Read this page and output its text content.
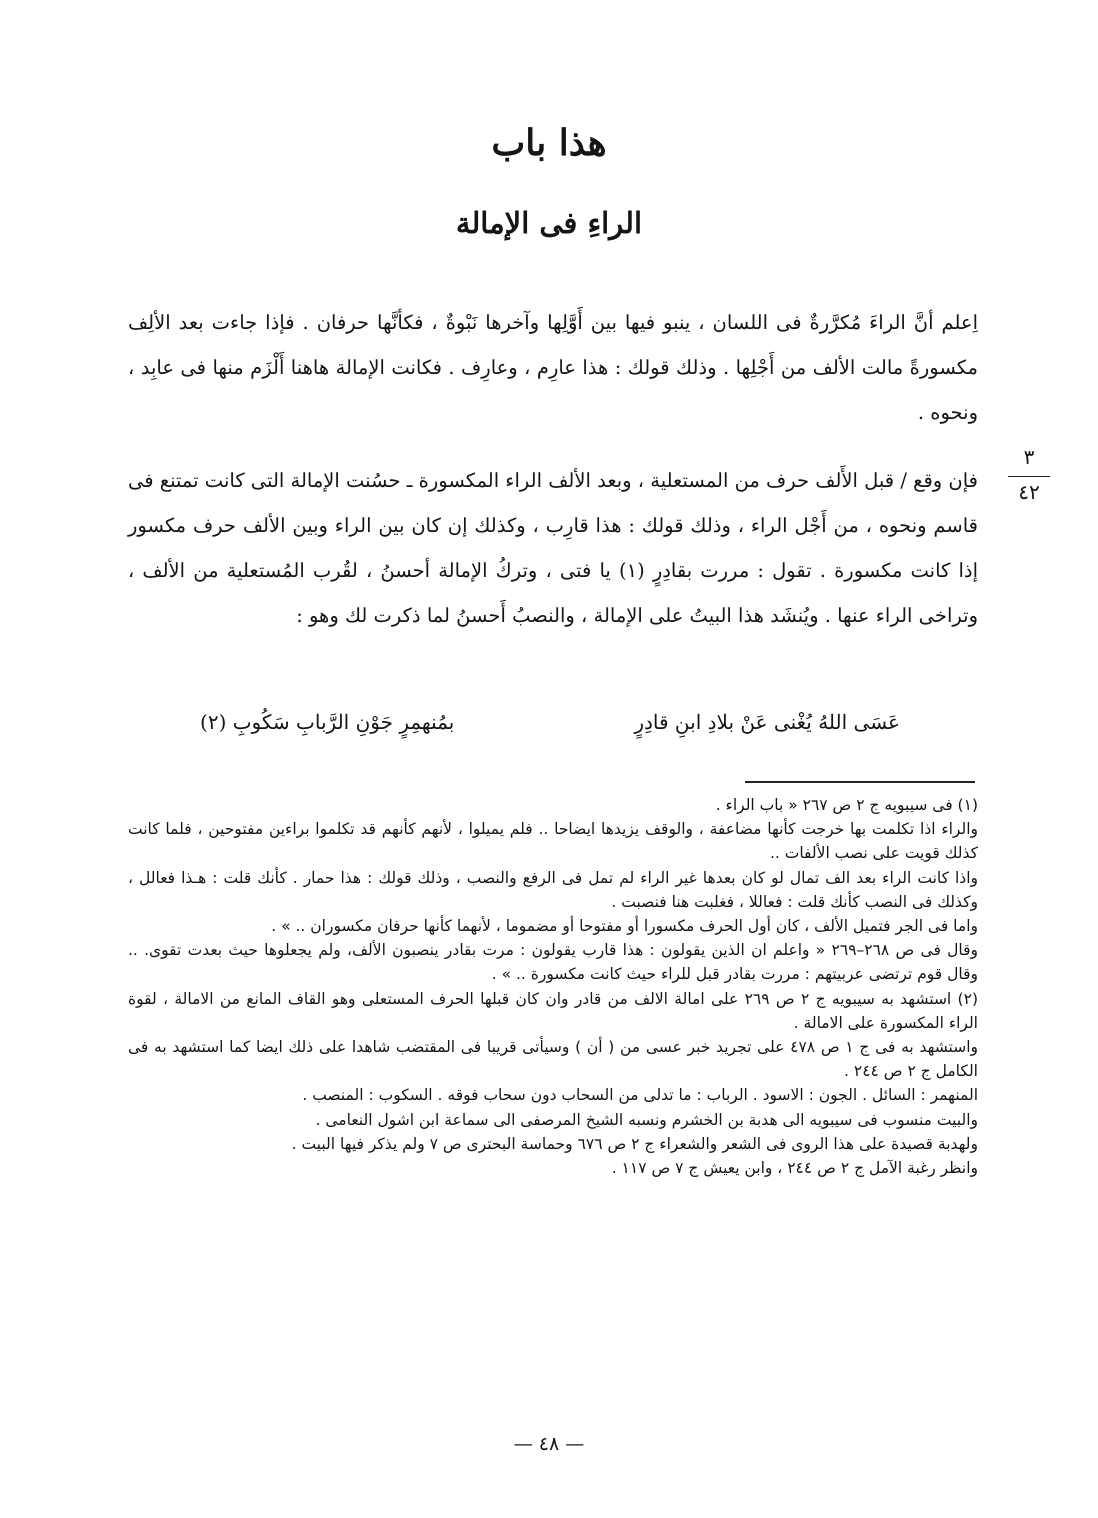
هذا باب
الراءِ فی الإمالة

اِعلم أنَّ الراءَ مُكرَّرةٌ فی اللسان ، ينبو فيها بين أَوَّلِها وآخرها نَبْوةٌ ، فكأنَّها حرفان . فإذا جاءت بعد الألِف مكسورةً مالت الألف من أَجْلِها . وذلك قولك : هذا عارِم ، وعارِف . فكانت الإمالة هاهنا أَلْزَم منها فی عابِد ، ونحوه .

فإن وقع / قبل الأَلف حرف من المستعلية ، وبعد الألف الراء المكسورة ـ حسُنت الإمالة التى كانت تمتنع فی قاسم ونحوه ، من أَجْل الراء ، وذلك قولك : هذا قارِب ، وكذلك إن كان بين الراء وبين الألف حرف مكسور إذا كانت مكسورة . تقول : مررت بقادِرٍ (١) يا فتى ، وتركُ الإمالة أحسنُ ، لقُرب المُستعلية من الألف ، وتراخی الراء عنها . ويُنشَد هذا البيتُ على الإمالة ، والنصبُ أَحسنُ لما ذكرت لك وهو :

٣
٤٢
عَسَى اللهُ يُغْنى عَنْ بلادِ ابنِ قادِرٍ
بمُنهمِرٍ جَوْنِ الرَّبابِ سَكُوبِ (٢)

(١) فی سيبويه ج ٢ ص ٢٦٧ « باب الراء .

والراء اذا تكلمت بها خرجت كأنها مضاعفة ، والوقف يزيدها ايضاحا .. فلم يميلوا ، لأنهم كأنهم قد تكلموا براءين مفتوحين ، فلما كانت كذلك قويت على نصب الألفات ..

واذا كانت الراء بعد الف تمال لو كان بعدها غير الراء لم تمل فی الرفع والنصب ، وذلك قولك : هذا حمار . كأنك قلت : هـذا فعالل ، وكذلك فی النصب كأنك قلت : فعاللا ، فغلبت هنا فنصبت .

واما فی الجر فتميل الألف ، كان أول الحرف مكسورا أو مفتوحا أو مضموما ، لأنهما كأنها حرفان مكسوران .. » .

وقال فی ص ٢٦٨–٢٦٩ « واعلم ان الذين يقولون : هذا قارب يقولون : مرت بقادر ينصبون الألف، ولم يجعلوها حيث بعدت تقوى. .. وقال قوم ترتضى عربيتهم : مررت بقادر قبل للراء حيث كانت مكسورة .. » .

(٢) استشهد به سيبويه ج ٢ ص ٢٦٩ على امالة الالف من قادر وان كان قبلها الحرف المستعلى وهو القاف المانع من الامالة ، لقوة الراء المكسورة على الامالة .

واستشهد به فی ج ١ ص ٤٧٨ على تجريد خبر عسى من ( أن ) وسيأتى قريبا فی المقتضب شاهدا على ذلك ايضا كما استشهد به فی الكامل ج ٢ ص ٢٤٤ .

المنهمر : السائل . الجون : الاسود . الرباب : ما تدلى من السحاب دون سحاب فوقه . السكوب : المنصب .

والبيت منسوب فی سيبويه الى هدبة بن الخشرم ونسبه الشيخ المرصفی الى سماعة ابن اشول النعامی .

ولهدبة قصيدة على هذا الروى فی الشعر والشعراء ج ٢ ص ٦٧٦ وحماسة البحترى ص ٧ ولم يذكر فيها البيت .

وانظر رغبة الآمل ج ٢ ص ٢٤٤ ، وابن يعيش ج ٧ ص ١١٧ .

— ٤٨ —
